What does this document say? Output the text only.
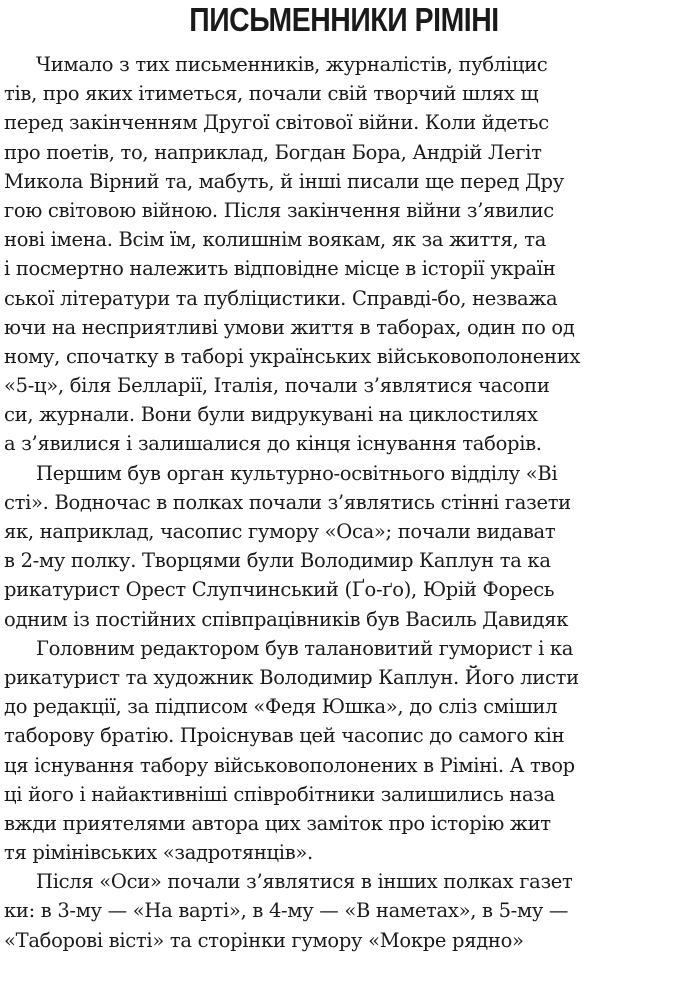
ПИСЬМЕННИКИ РІМІНІ
Чимало з тих письменників, журналістів, публіцис
тів, про яких ітиметься, почали свій творчий шлях щ
перед закінченням Другої світової війни. Коли йдетьс
про поетів, то, наприклад, Богдан Бора, Андрій Легіт
Микола Вірний та, мабуть, й інші писали ще перед Дру
гою світовою війною. Після закінчення війни з’явилис
нові імена. Всім їм, колишнім воякам, як за життя, та
і посмертно належить відповідне місце в історії україн
ської літератури та публіцистики. Справді-бо, незважа
ючи на несприятливі умови життя в таборах, один по од
ному, спочатку в таборі українських військовополонених
«5-ц», біля Белларії, Італія, почали з’являтися часопи
си, журнали. Вони були видрукувані на циклостилях
а з’явилися і залишалися до кінця існування таборів.
Першим був орган культурно-освітнього відділу «Ві
сті». Водночас в полках почали з’являтись стінні газети
як, наприклад, часопис гумору «Оса»; почали видават
в 2-му полку. Творцями були Володимир Каплун та ка
рикатурист Орест Слупчинський (Ґо-ґо), Юрій Форесь
одним із постійних співпрацівників був Василь Давидяк
Головним редактором був талановитий гуморист і ка
рикатурист та художник Володимир Каплун. Його листи
до редакції, за підписом «Федя Юшка», до сліз смішил
таборову братію. Проіснував цей часопис до самого кін
ця існування табору військовополонених в Ріміні. А твор
ці його і найактивніші співробітники залишились наза
вжди приятелями автора цих заміток про історію жит
тя рімінівських «задротянців».
Після «Оси» почали з’являтися в інших полках газет
ки: в 3-му — «На варті», в 4-му — «В наметах», в 5-му —
«Таборові вісті» та сторінки гумору «Мокре рядно»
